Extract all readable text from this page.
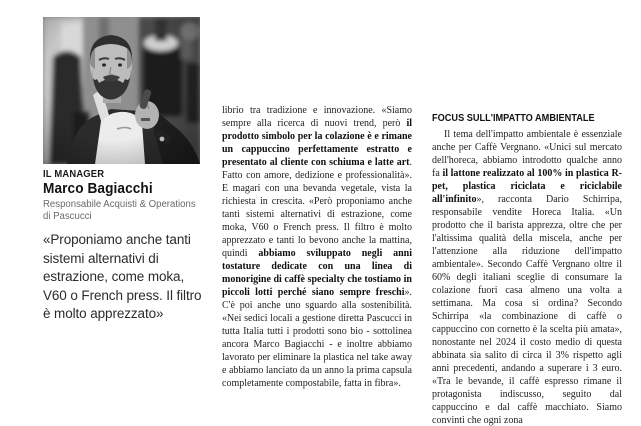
IL MANAGER
Marco Bagiacchi
Responsabile Acquisti & Operations
di Pascucci
«Proponiamo anche tanti sistemi alternativi di estrazione, come moka, V60 o French press. Il filtro è molto apprezzato»

librio tra tradizione e innovazione. «Siamo sempre alla ricerca di nuovi trend, però il prodotto simbolo per la colazione è e rimane un cappuccino perfettamente estratto e presentato al cliente con schiuma e latte art. Fatto con amore, dedizione e professionalità». E magari con una bevanda vegetale, vista la richiesta in crescita. «Però proponiamo anche tanti sistemi alternativi di estrazione, come moka, V60 o French press. Il filtro è molto apprezzato e tanti lo bevono anche la mattina, quindi abbiamo sviluppato negli anni tostature dedicate con una linea di monorigine di caffè specialty che tostiamo in piccoli lotti perché siano sempre freschi». C'è poi anche uno sguardo alla sostenibilità. «Nei sedici locali a gestione diretta Pascucci in tutta Italia tutti i prodotti sono bio - sottolinea ancora Marco Bagiacchi - e inoltre abbiamo lavorato per eliminare la plastica nel take away e abbiamo lanciato da un anno la prima capsula completamente compostabile, fatta in fibra».

FOCUS SULL'IMPATTO AMBIENTALE

Il tema dell'impatto ambientale è essenziale anche per Caffè Vergnano. «Unici sul mercato dell'horeca, abbiamo introdotto qualche anno fa il lattone realizzato al 100% in plastica R-pet, plastica riciclata e riciclabile all'infinito», racconta Dario Schirripa, responsabile vendite Horeca Italia. «Un prodotto che il barista apprezza, oltre che per l'altissima qualità della miscela, anche per l'attenzione alla riduzione dell'impatto ambientale». Secondo Caffè Vergnano oltre il 60% degli italiani sceglie di consumare la colazione fuori casa almeno una volta a settimana. Ma cosa si ordina? Secondo Schirripa «la combinazione di caffè o cappuccino con cornetto è la scelta più amata», nonostante nel 2024 il costo medio di questa abbinata sia salito di circa il 3% rispetto agli anni precedenti, andando a superare i 3 euro. «Tra le bevande, il caffè espresso rimane il protagonista indiscusso, seguito dal cappuccino e dal caffè macchiato. Siamo convinti che ogni zona
